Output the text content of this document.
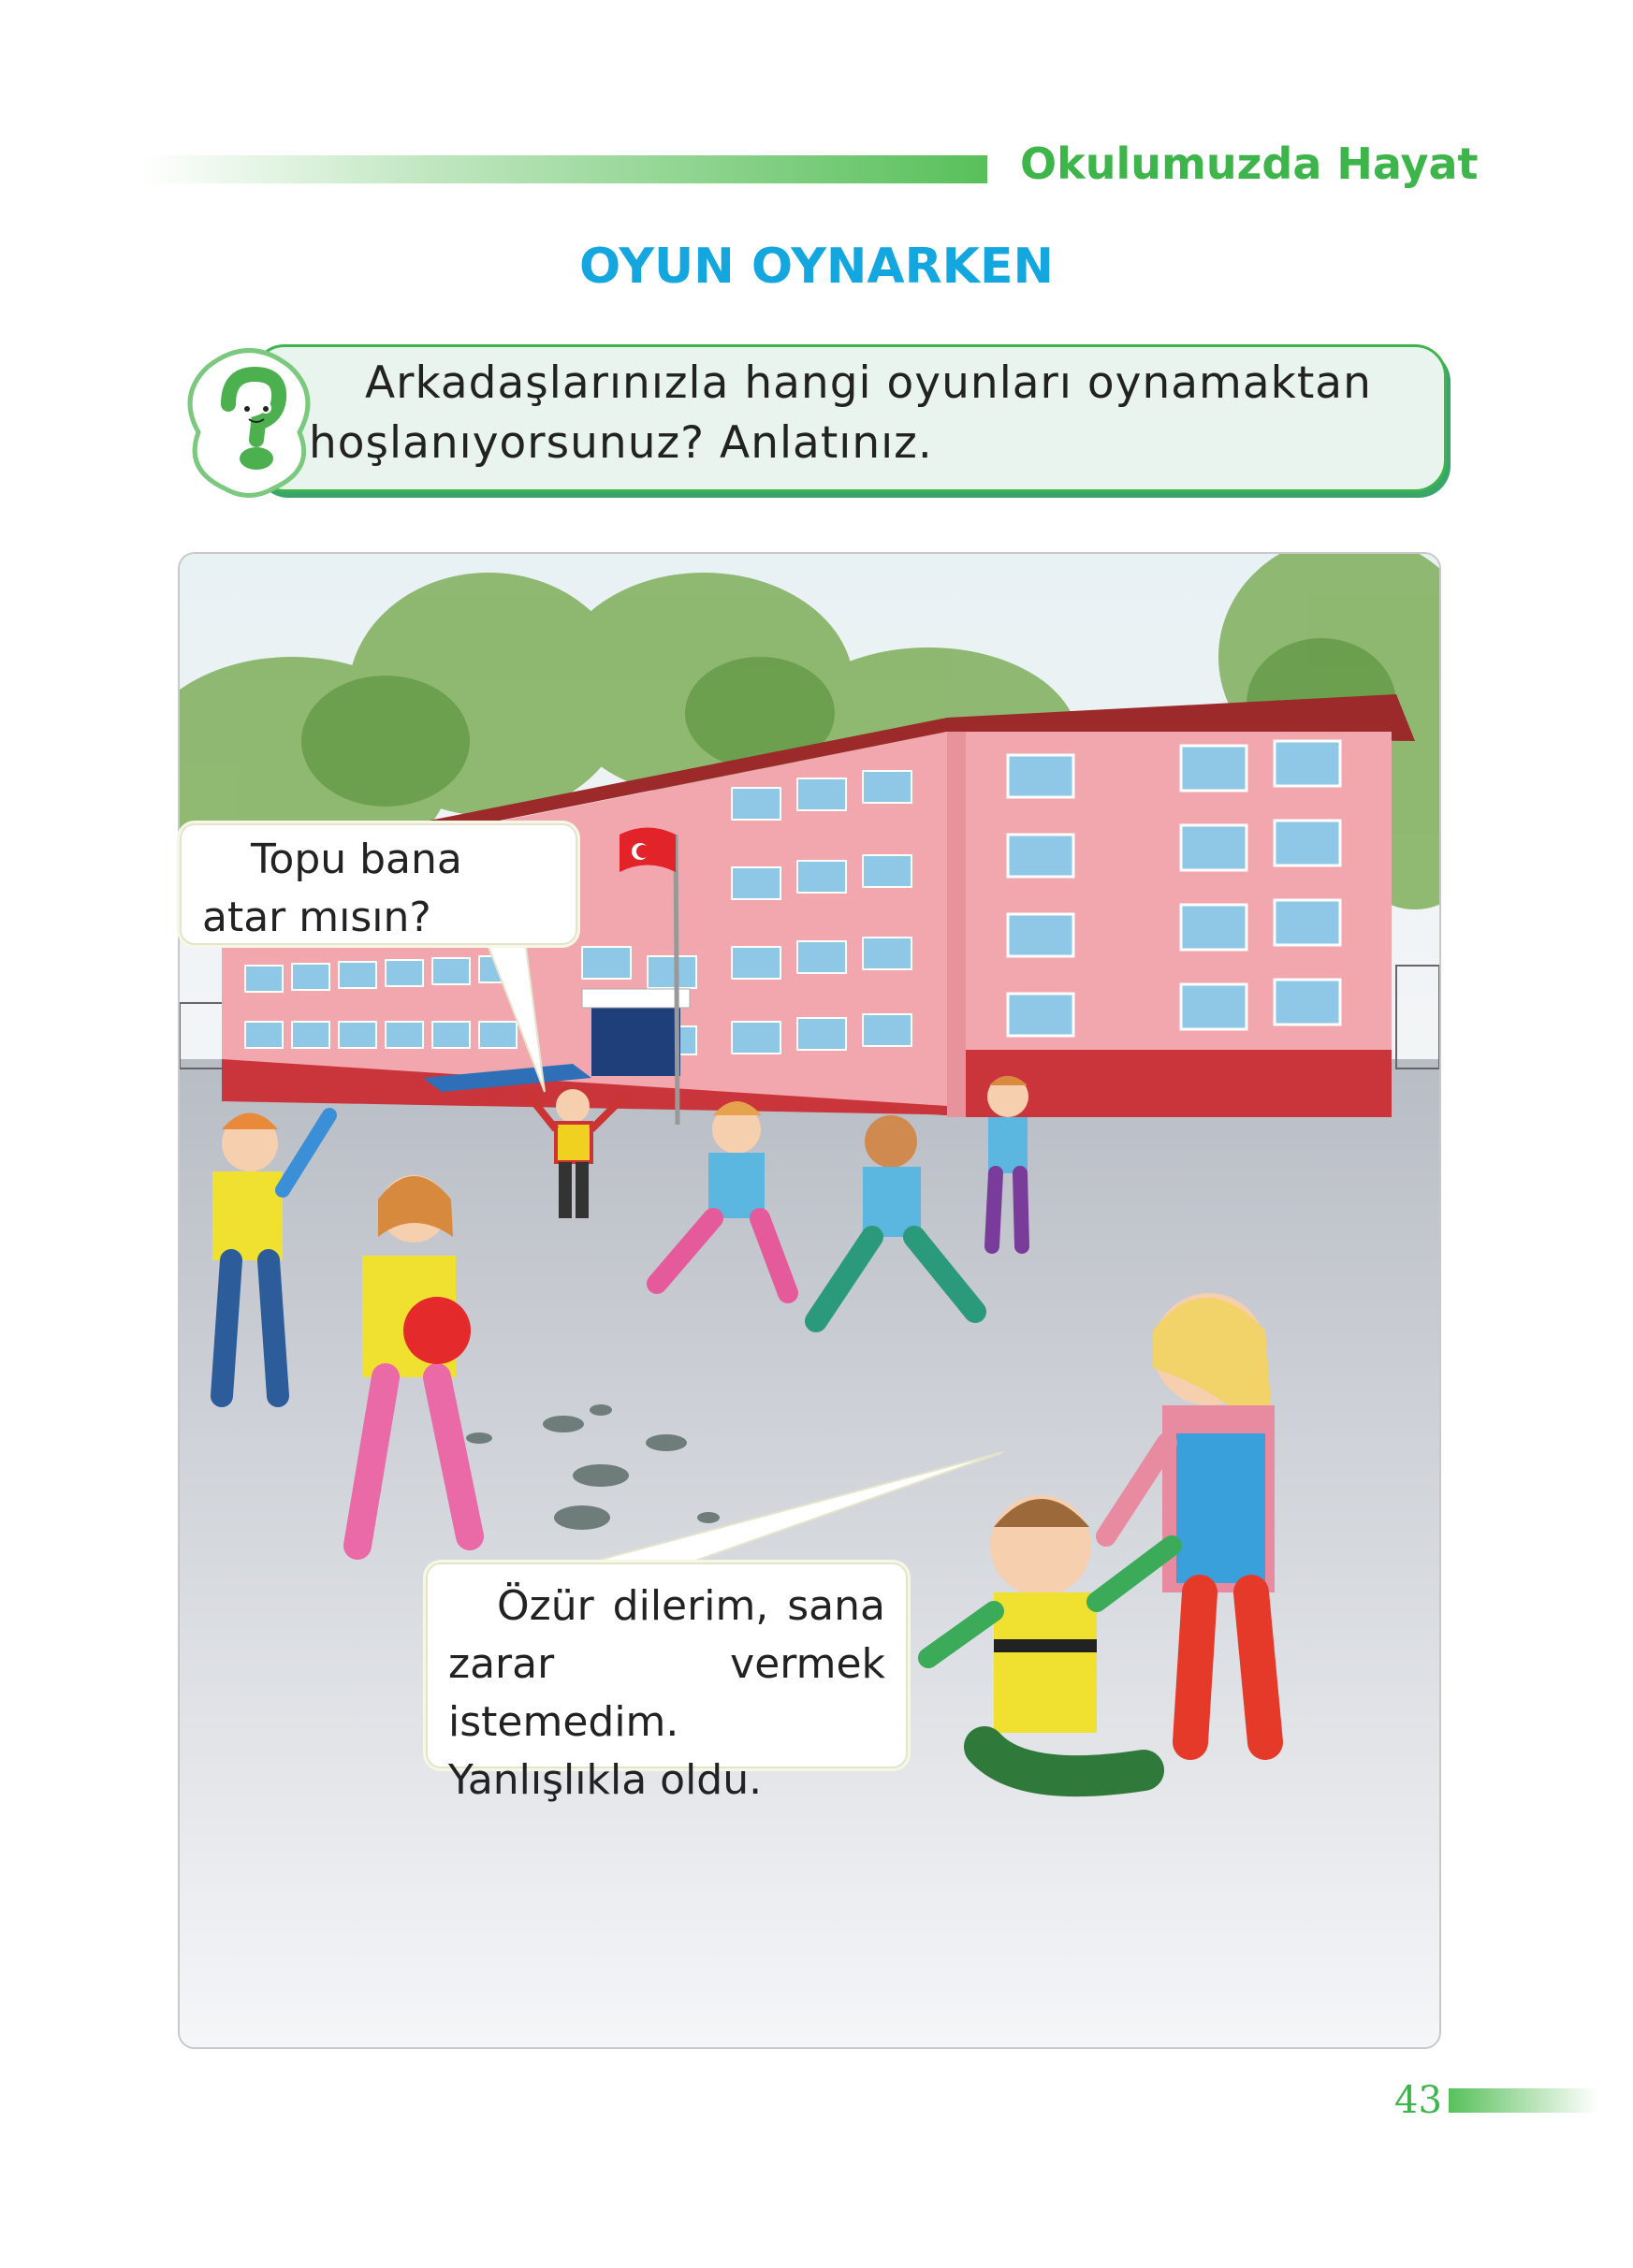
Okulumuzda Hayat
OYUN OYNARKEN
Arkadaşlarınızla hangi oyunları oynamaktan hoşlanıyorsunuz? Anlatınız.

Topu bana atar mısın?

Özür dilerim, sana zarar vermek istemedim. Yanlışlıkla oldu.

43
